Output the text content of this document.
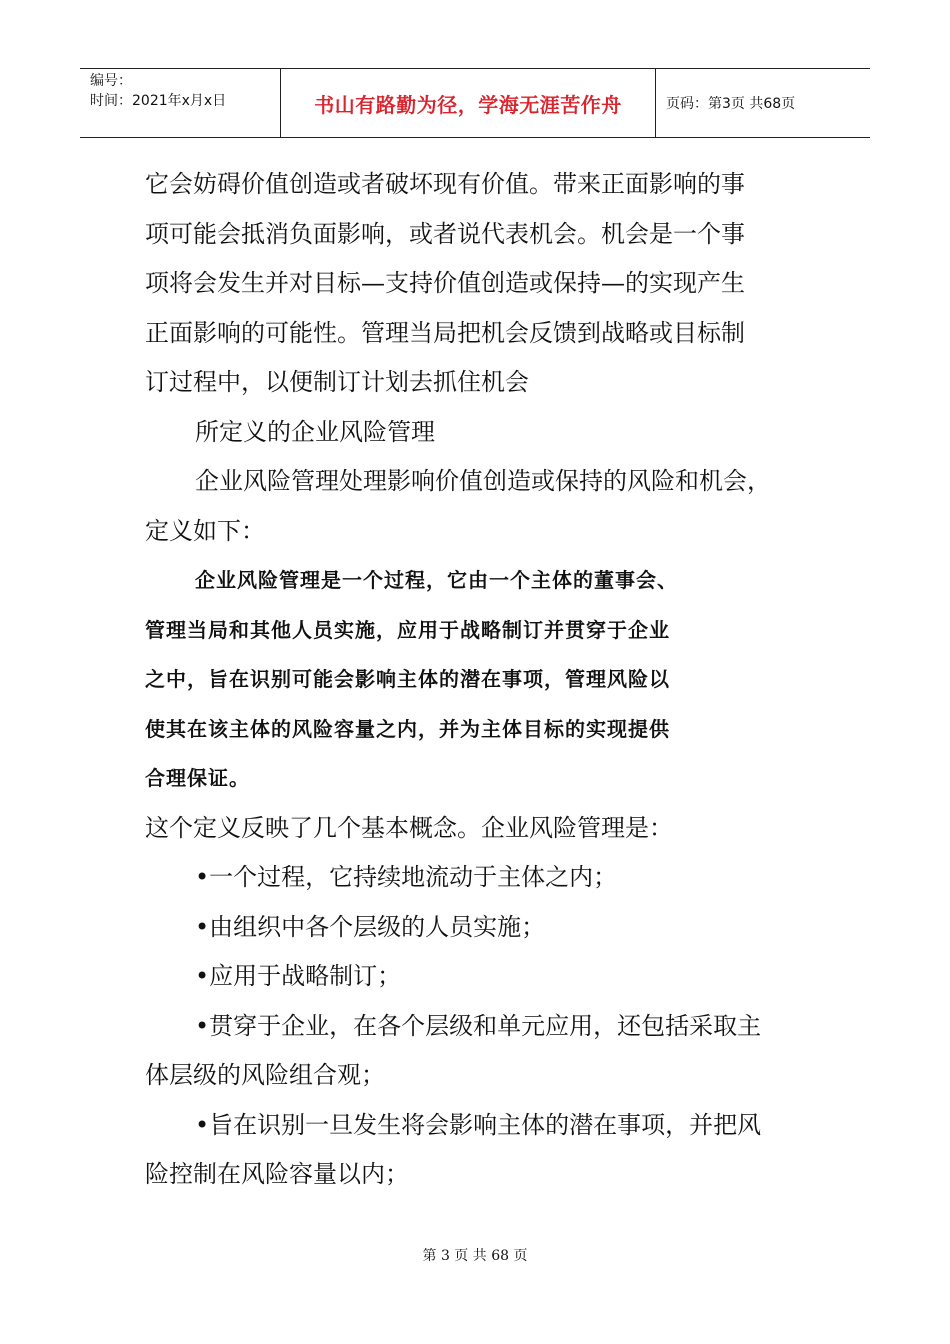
编号：
时间：2021年x月x日	书山有路勤为径，学海无涯苦作舟	页码：第3页 共68页

它会妨碍价值创造或者破坏现有价值。带来正面影响的事

项可能会抵消负面影响，或者说代表机会。机会是一个事

项将会发生并对目标—支持价值创造或保持—的实现产生

正面影响的可能性。管理当局把机会反馈到战略或目标制

订过程中，以便制订计划去抓住机会

所定义的企业风险管理

企业风险管理处理影响价值创造或保持的风险和机会，

定义如下：

企业风险管理是一个过程，它由一个主体的董事会、

管理当局和其他人员实施，应用于战略制订并贯穿于企业

之中，旨在识别可能会影响主体的潜在事项，管理风险以

使其在该主体的风险容量之内，并为主体目标的实现提供

合理保证。

这个定义反映了几个基本概念。企业风险管理是：

•一个过程，它持续地流动于主体之内；

•由组织中各个层级的人员实施；

•应用于战略制订；

•贯穿于企业，在各个层级和单元应用，还包括采取主

体层级的风险组合观；

•旨在识别一旦发生将会影响主体的潜在事项，并把风

险控制在风险容量以内；

第 3 页 共 68 页
